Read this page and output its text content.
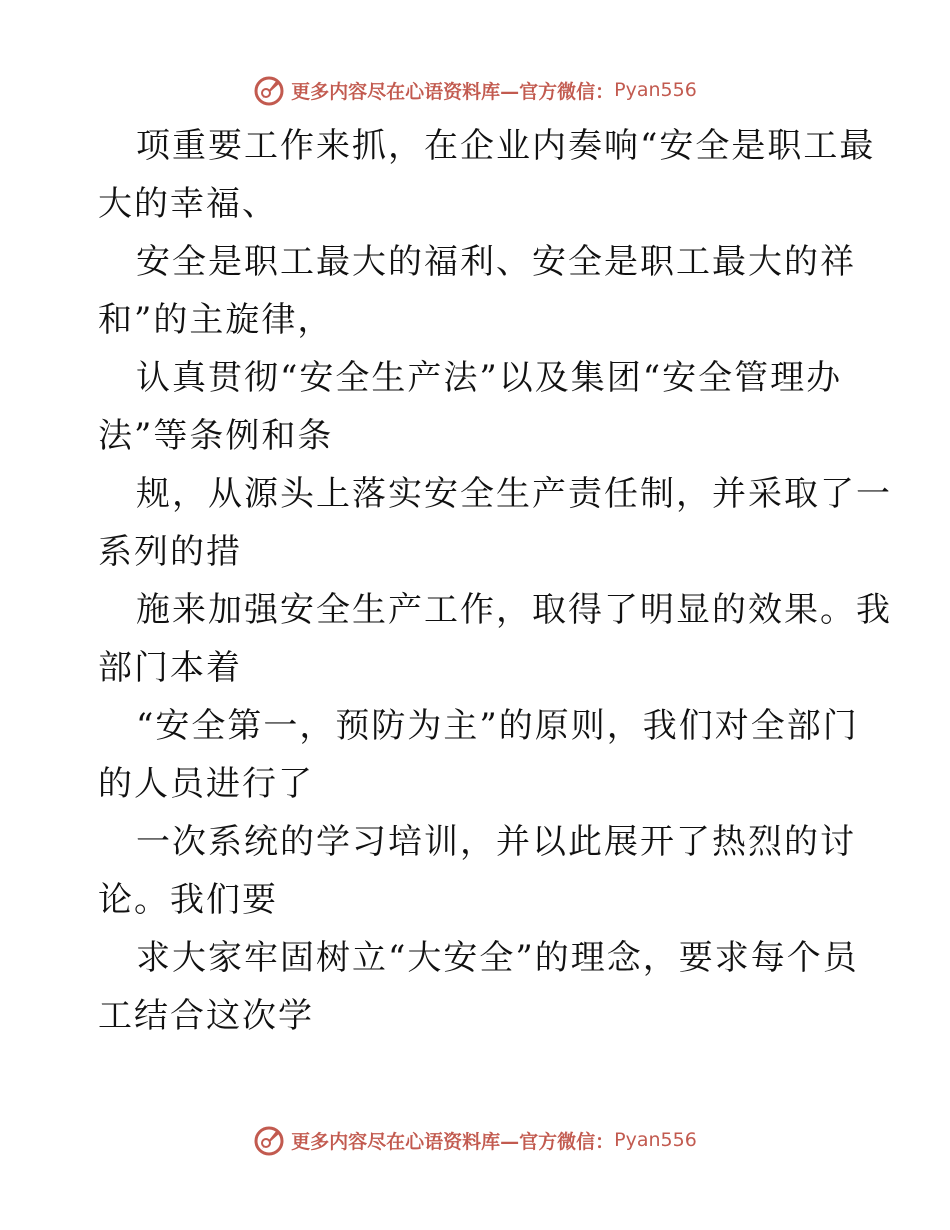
更多内容尽在心语资料库—官方微信： Pyan556
项重要工作来抓，在企业内奏响“安全是职工最
大的幸福、
安全是职工最大的福利、安全是职工最大的祥
和”的主旋律，
认真贯彻“安全生产法”以及集团“安全管理办
法”等条例和条
规，从源头上落实安全生产责任制，并采取了一
系列的措
施来加强安全生产工作，取得了明显的效果。我
部门本着
“安全第一，预防为主”的原则，我们对全部门
的人员进行了
一次系统的学习培训，并以此展开了热烈的讨
论。我们要
求大家牢固树立“大安全”的理念，要求每个员
工结合这次学
更多内容尽在心语资料库—官方微信： Pyan556
